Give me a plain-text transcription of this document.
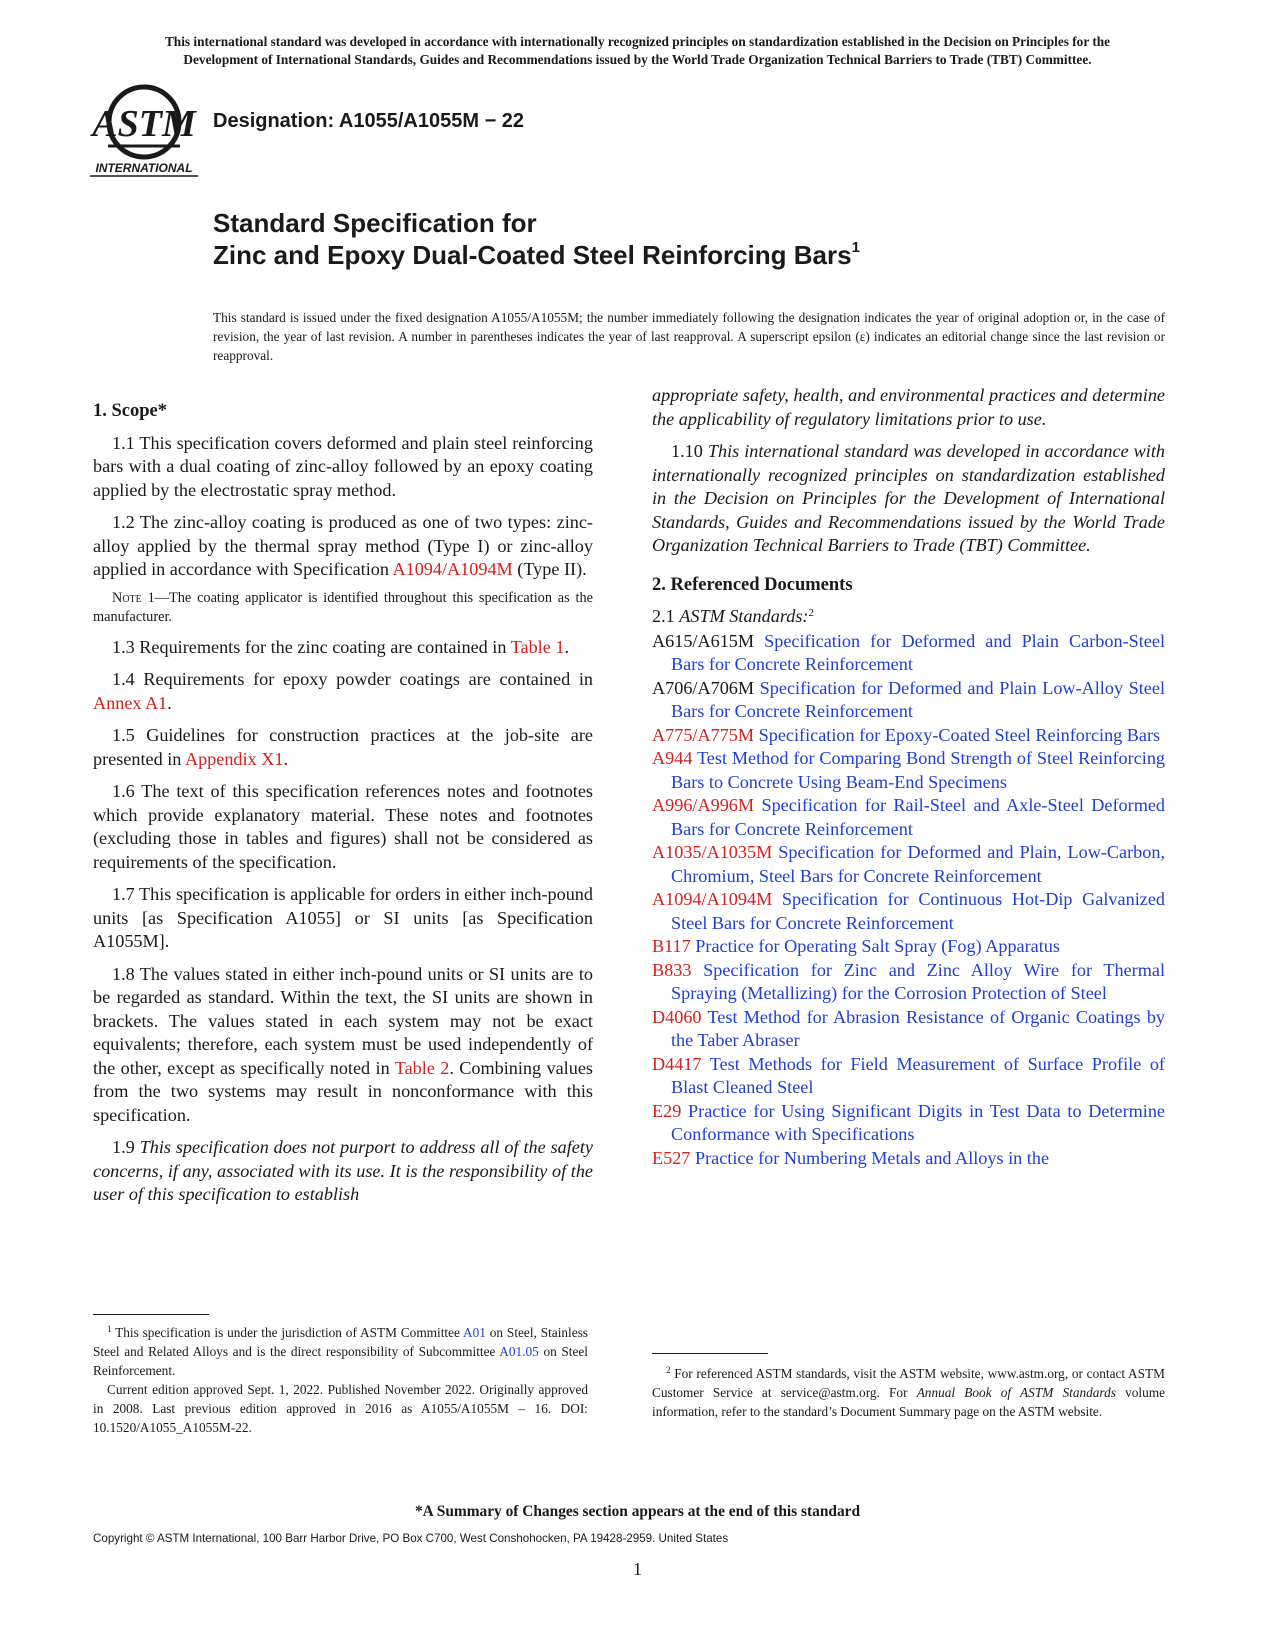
This international standard was developed in accordance with internationally recognized principles on standardization established in the Decision on Principles for the
Development of International Standards, Guides and Recommendations issued by the World Trade Organization Technical Barriers to Trade (TBT) Committee.
ASTM
INTERNATIONAL
Designation: A1055/A1055M − 22
Standard Specification for
Zinc and Epoxy Dual-Coated Steel Reinforcing Bars$^1$
This standard is issued under the fixed designation A1055/A1055M; the number immediately following the designation indicates the year of original adoption or, in the case of revision, the year of last revision. A number in parentheses indicates the year of last reapproval. A superscript epsilon (ε) indicates an editorial change since the last revision or reapproval.

1. Scope*

1.1 This specification covers deformed and plain steel reinforcing bars with a dual coating of zinc-alloy followed by an epoxy coating applied by the electrostatic spray method.

1.2 The zinc-alloy coating is produced as one of two types: zinc-alloy applied by the thermal spray method (Type I) or zinc-alloy applied in accordance with Specification A1094/A1094M (Type II).

Note 1—The coating applicator is identified throughout this specification as the manufacturer.

1.3 Requirements for the zinc coating are contained in Table 1.

1.4 Requirements for epoxy powder coatings are contained in Annex A1.

1.5 Guidelines for construction practices at the job-site are presented in Appendix X1.

1.6 The text of this specification references notes and footnotes which provide explanatory material. These notes and footnotes (excluding those in tables and figures) shall not be considered as requirements of the specification.

1.7 This specification is applicable for orders in either inch-pound units [as Specification A1055] or SI units [as Specification A1055M].

1.8 The values stated in either inch-pound units or SI units are to be regarded as standard. Within the text, the SI units are shown in brackets. The values stated in each system may not be exact equivalents; therefore, each system must be used independently of the other, except as specifically noted in Table 2. Combining values from the two systems may result in nonconformance with this specification.

1.9 This specification does not purport to address all of the safety concerns, if any, associated with its use. It is the responsibility of the user of this specification to establish

appropriate safety, health, and environmental practices and determine the applicability of regulatory limitations prior to use.

1.10 This international standard was developed in accordance with internationally recognized principles on standardization established in the Decision on Principles for the Development of International Standards, Guides and Recommendations issued by the World Trade Organization Technical Barriers to Trade (TBT) Committee.

2. Referenced Documents

2.1 ASTM Standards:$^2$

A615/A615M Specification for Deformed and Plain Carbon-Steel Bars for Concrete Reinforcement

A706/A706M Specification for Deformed and Plain Low-Alloy Steel Bars for Concrete Reinforcement

A775/A775M Specification for Epoxy-Coated Steel Reinforcing Bars

A944 Test Method for Comparing Bond Strength of Steel Reinforcing Bars to Concrete Using Beam-End Specimens

A996/A996M Specification for Rail-Steel and Axle-Steel Deformed Bars for Concrete Reinforcement

A1035/A1035M Specification for Deformed and Plain, Low-Carbon, Chromium, Steel Bars for Concrete Reinforcement

A1094/A1094M Specification for Continuous Hot-Dip Galvanized Steel Bars for Concrete Reinforcement

B117 Practice for Operating Salt Spray (Fog) Apparatus

B833 Specification for Zinc and Zinc Alloy Wire for Thermal Spraying (Metallizing) for the Corrosion Protection of Steel

D4060 Test Method for Abrasion Resistance of Organic Coatings by the Taber Abraser

D4417 Test Methods for Field Measurement of Surface Profile of Blast Cleaned Steel

E29 Practice for Using Significant Digits in Test Data to Determine Conformance with Specifications

E527 Practice for Numbering Metals and Alloys in the

$^1$ This specification is under the jurisdiction of ASTM Committee A01 on Steel, Stainless Steel and Related Alloys and is the direct responsibility of Subcommittee A01.05 on Steel Reinforcement.

Current edition approved Sept. 1, 2022. Published November 2022. Originally approved in 2008. Last previous edition approved in 2016 as A1055/A1055M – 16. DOI: 10.1520/A1055_A1055M-22.

$^2$ For referenced ASTM standards, visit the ASTM website, www.astm.org, or contact ASTM Customer Service at service@astm.org. For Annual Book of ASTM Standards volume information, refer to the standard’s Document Summary page on the ASTM website.

*A Summary of Changes section appears at the end of this standard
Copyright © ASTM International, 100 Barr Harbor Drive, PO Box C700, West Conshohocken, PA 19428-2959. United States
1
